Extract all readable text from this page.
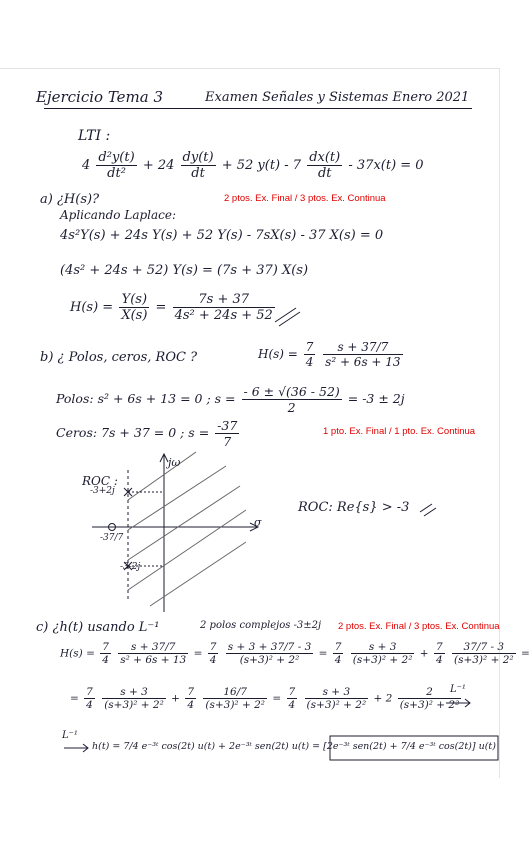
Ejercicio Tema 3	Examen Señales y Sistemas Enero 2021
LTI :
$4 \frac{\text{d²y(t)}}{\text{dt²}} + 24 \frac{dy(t)}{dt} + 52$ $y(t) - 7 \frac{dx(t)}{dt} - 37x(t) = 0$
a) ¿H(s)?
Aplicando Laplace:
2 ptos. Ex. Final / 3 ptos. Ex. Continua
4s²Y(s) + 24s Y(s) + 52 Y(s) - 7sX(s) - 37 X(s) = 0
(4s² + 24s + 52) Y(s) = (7s + 37) X(s)
$H(s) = \frac{Y(s)}{X(s)} = \frac{7s + 37}{\text{4s² + 24s + 52}}$
b) ¿ Polos, ceros, ROC ?	$H(s) = \frac{7}{4}$
$\frac{s + 37/7}{\text{s² + 6s + 13}}$
Polos: s² + 6s + 13 = 0 ; $s = \frac{- 6 \pm √(36 - 52)}{2} = -3 \pm 2j$
Ceros: 7s + 37 = 0 ; $s = \frac{-37}{7}$	1 pto. Ex. Final / 1 pto. Ex. Continua
ROC :
jω
σ
-3+2j
-3-2j
-37/7
ROC: Re{s} > -3
c) ¿h(t) usando L⁻¹	2 polos complejos -3±2j 2 ptos. Ex. Final / 3 ptos. Ex. Continua
$H(s) = \frac{7}{4}$
$\frac{s + 37/7}{\text{s² + 6s + 13}} = \frac{7}{4}$
$\frac{s + 3 + 37/7 - 3}{\text{(s+3)² + 2²}} = \frac{7}{4}$
$\frac{s + 3}{\text{(s+3)² + 2²}} + \frac{7}{4}$
$\frac{37/7 - 3}{\text{(s+3)² + 2²}}$ =
= $\frac{7}{4}$
$\frac{s + 3}{\text{(s+3)² + 2²}} + \frac{7}{4}$
$\frac{16/7}{\text{(s+3)² + 2²}} = \frac{7}{4}$
$\frac{s + 3}{\text{(s+3)² + 2²}} + 2 \frac{2}{\text{(s+3)² + 2²}}$
L⁻¹
L⁻¹
h(t) = 7/4 e⁻³ᵗ cos(2t) u(t) + 2e⁻³ᵗ sen(2t) u(t) = [2e⁻³ᵗ sen(2t) + 7/4 e⁻³ᵗ cos(2t)] u(t)
